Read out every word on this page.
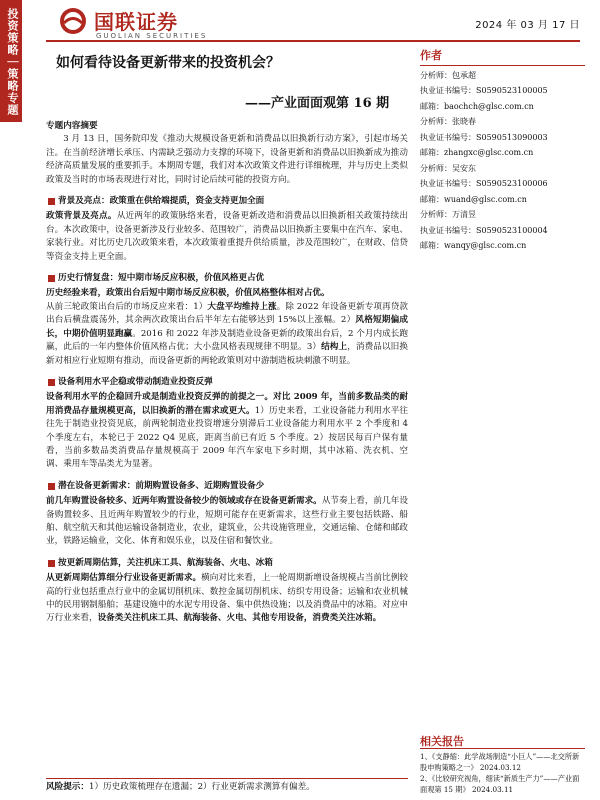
投资策略｜策略专题	国联证券
GUOLIAN SECURITIES
2024 年 03 月 17 日
如何看待设备更新带来的投资机会？
——产业面面观第 16 期
专题内容摘要

3 月 13 日，国务院印发《推动大规模设备更新和消费品以旧换新行动方案》，引起市场关注。在当前经济增长承压、内需缺乏强动力支撑的环境下，设备更新和消费品以旧换新成为推动经济高质量发展的重要抓手。本期周专题，我们对本次政策文件进行详细梳理，并与历史上类似政策及当时的市场表现进行对比，同时讨论后续可能的投资方向。

背景及亮点：政策重在供给端提质，资金支持更加全面

政策背景及亮点。从近两年的政策脉络来看，设备更新改造和消费品以旧换新相关政策持续出台。本次政策中，设备更新涉及行业较多、范围较广，消费品以旧换新主要集中在汽车、家电、家装行业。对比历史几次政策来看，本次政策着重提升供给质量，涉及范围较广，在财政、信贷等资金支持上更全面。

历史行情复盘：短中期市场反应积极，价值风格更占优

历史经验来看，政策出台后短中期市场反应积极，价值风格整体相对占优。

从前三轮政策出台后的市场反应来看：1）大盘平均维持上涨。除 2022 年设备更新专项再贷款出台后横盘震荡外，其余两次政策出台后半年左右能够达到 15%以上涨幅。2）风格短期偏成长，中期价值明显跑赢。2016 和 2022 年涉及制造业设备更新的政策出台后，2 个月内成长跑赢，此后的一年内整体价值风格占优；大小盘风格表现规律不明显。3）结构上，消费品以旧换新对相应行业短期有推动，而设备更新的两轮政策则对中游制造板块刺激不明显。

设备利用水平企稳或带动制造业投资反弹

设备利用水平的企稳回升或是制造业投资反弹的前提之一。对比 2009 年，当前多数品类的耐用消费品存量规模更高，以旧换新的潜在需求或更大。1）历史来看，工业设备能力利用水平往往先于制造业投资见底，前两轮制造业投资增速分别滞后工业设备能力利用水平 2 个季度和 4 个季度左右，本轮已于 2022 Q4 见底，距离当前已有近 5 个季度。2）按居民每百户保有量看，当前多数品类消费品存量规模高于 2009 年汽车家电下乡时期，其中冰箱、洗衣机、空调、乘用车等品类尤为显著。

潜在设备更新需求：前期购置设备多、近期购置设备少

前几年购置设备较多、近两年购置设备较少的领域或存在设备更新需求。从节奏上看，前几年设备购置较多、且近两年购置较少的行业，短期可能存在更新需求，这些行业主要包括铁路、船舶、航空航天和其他运输设备制造业，农业，建筑业，公共设施管理业，交通运输、仓储和邮政业，铁路运输业，文化、体育和娱乐业，以及住宿和餐饮业。

按更新周期估算，关注机床工具、航海装备、火电、冰箱

从更新周期估算细分行业设备更新需求。横向对比来看，上一轮周期新增设备规模占当前比例较高的行业包括重点行业中的金属切削机床、数控金属切削机床、纺织专用设备；运输和农业机械中的民用钢制船舶；基建设施中的水泥专用设备、集中供热设施；以及消费品中的冰箱。对应申万行业来看，设备类关注机床工具、航海装备、火电、其他专用设备，消费类关注冰箱。

风险提示：1）历史政策梳理存在遗漏；2）行业更新需求测算有偏差。
作者
分析师：包承超
执业证书编号：S0590523100005
邮箱：baochch@glsc.com.cn
分析师：张晓春
执业证书编号：S0590513090003
邮箱：zhangxc@glsc.com.cn
分析师：吴安东
执业证书编号：S0590523100006
邮箱：wuand@glsc.com.cn
分析师：万清昱
执业证书编号：S0590523100004
邮箱：wanqy@glsc.com.cn
相关报告
1、《支静缩：此学战场制造“小巨人”——北交所新股申购策略之一》 2024.03.12
2、《比较研究视角，细读“新质生产力”——产业面面观第 15 期》 2024.03.11
